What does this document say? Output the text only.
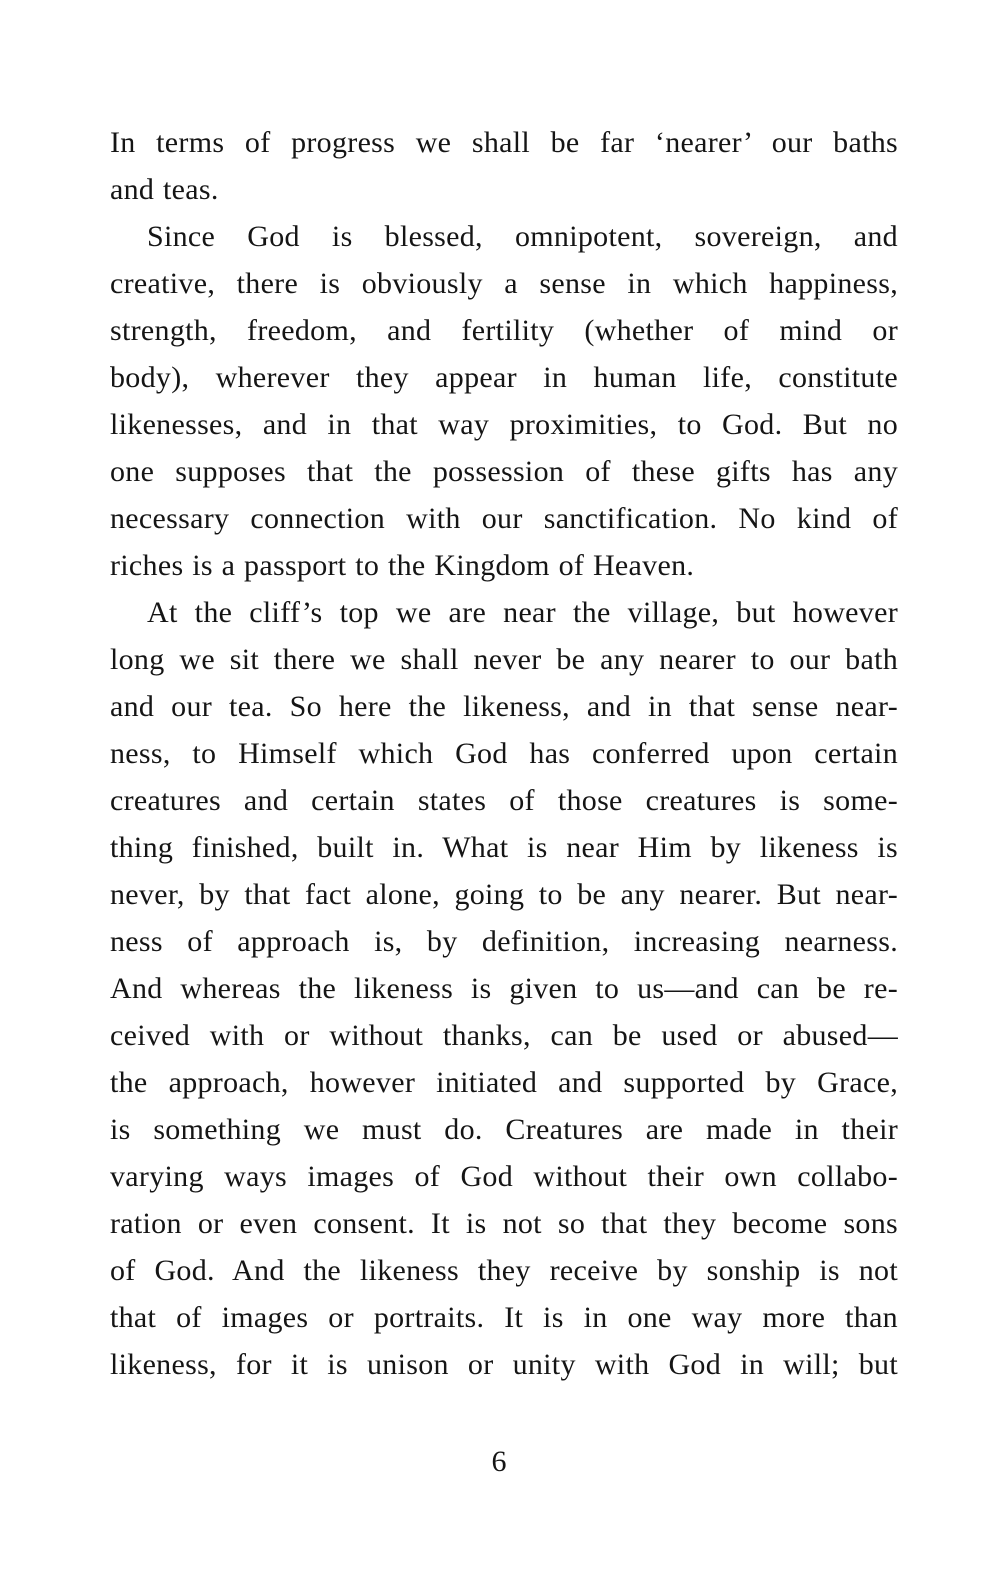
In terms of progress we shall be far ‘nearer’ our baths
and teas.
Since God is blessed, omnipotent, sovereign, and
creative, there is obviously a sense in which happiness,
strength, freedom, and fertility (whether of mind or
body), wherever they appear in human life, constitute
likenesses, and in that way proximities, to God. But no
one supposes that the possession of these gifts has any
necessary connection with our sanctification. No kind of
riches is a passport to the Kingdom of Heaven.
At the cliff’s top we are near the village, but however
long we sit there we shall never be any nearer to our bath
and our tea. So here the likeness, and in that sense near-
ness, to Himself which God has conferred upon certain
creatures and certain states of those creatures is some-
thing finished, built in. What is near Him by likeness is
never, by that fact alone, going to be any nearer. But near-
ness of approach is, by definition, increasing nearness.
And whereas the likeness is given to us—and can be re-
ceived with or without thanks, can be used or abused—
the approach, however initiated and supported by Grace,
is something we must do. Creatures are made in their
varying ways images of God without their own collabo-
ration or even consent. It is not so that they become sons
of God. And the likeness they receive by sonship is not
that of images or portraits. It is in one way more than
likeness, for it is unison or unity with God in will; but
6
